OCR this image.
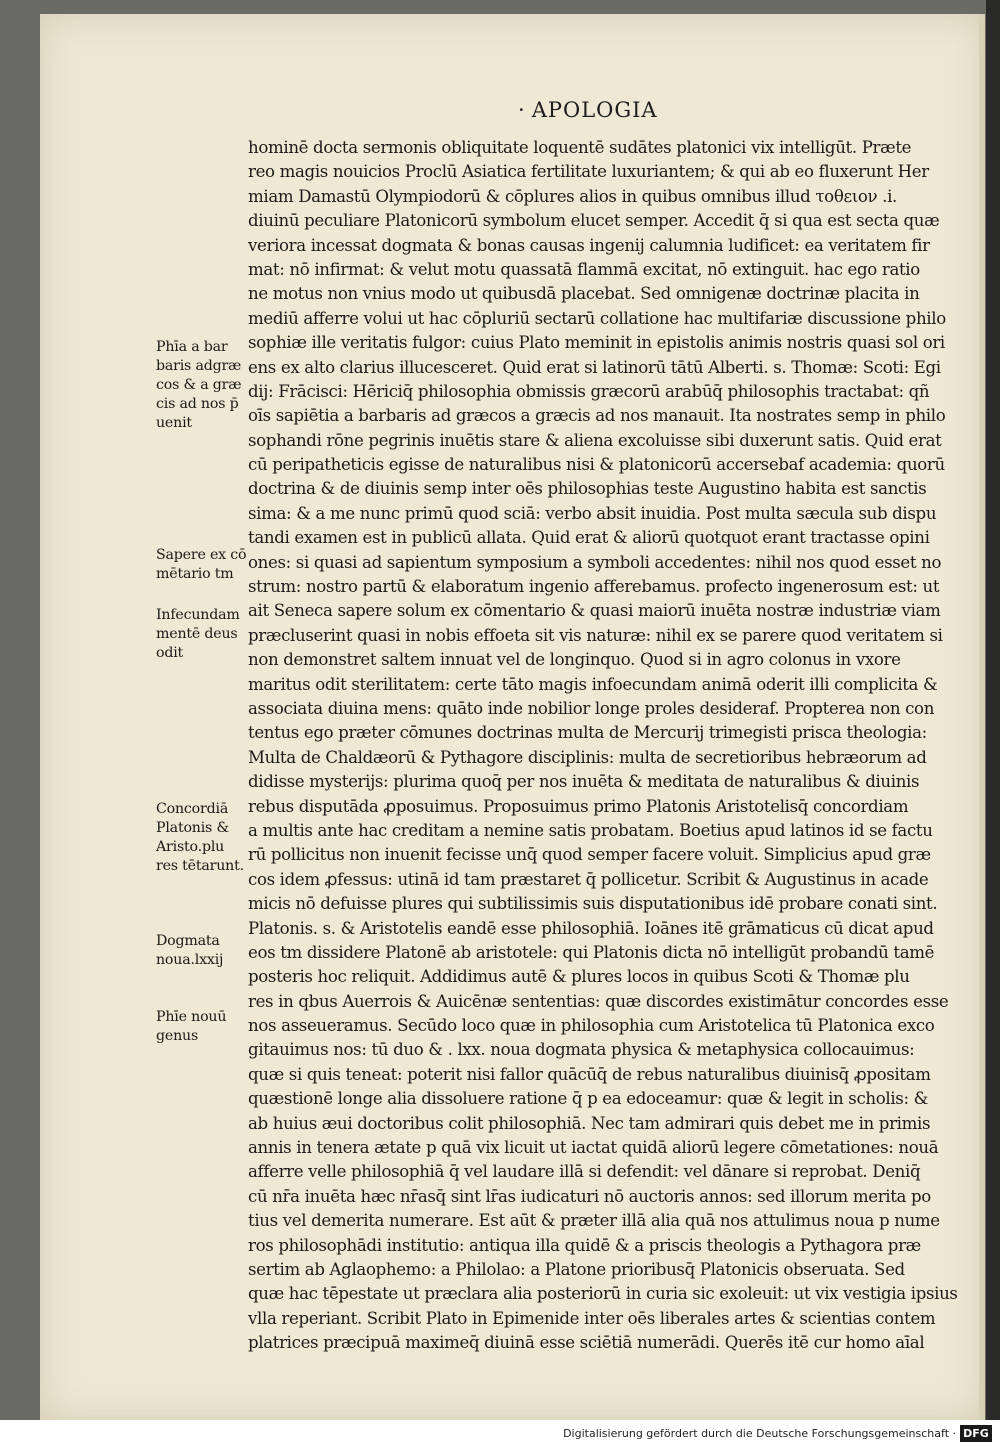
· APOLOGIA
hominē docta sermonis obliquitate loquentē sudātes platonici vix intelligūt. Præte
reo magis nouicios Proclū Asiatica fertilitate luxuriantem; & qui ab eo fluxerunt Her
miam Damastū Olympiodorū & cōplures alios in quibus omnibus illud τοθειον .i.
diuinū peculiare Platonicorū symbolum elucet semper. Accedit q̄ si qua est secta quæ
veriora incessat dogmata & bonas causas ingenij calumnia ludificet: ea veritatem fir
mat: nō infirmat: & velut motu quassatā flammā excitat, nō extinguit. hac ego ratio
ne motus non vnius modo ut quibusdā placebat. Sed omnigenæ doctrinæ placita in
mediū afferre volui ut hac cōpluriū sectarū collatione hac multifariæ discussione philo
sophiæ ille veritatis fulgor: cuius Plato meminit in epistolis animis nostris quasi sol ori
ens ex alto clarius illucesceret. Quid erat si latinorū tātū Alberti. s. Thomæ: Scoti: Egi
dij: Frācisci: Hēriciq̄ philosophia obmissis græcorū arabūq̄ philosophis tractabat: qñ
oīs sapiētia a barbaris ad græcos a græcis ad nos manauit. Ita nostrates semp in philo
sophandi rōne pegrinis inuētis stare & aliena excoluisse sibi duxerunt satis. Quid erat
cū peripatheticis egisse de naturalibus nisi & platonicorū accersebaf academia: quorū
doctrina & de diuinis semp inter oēs philosophias teste Augustino habita est sanctis
sima: & a me nunc primū quod sciā: verbo absit inuidia. Post multa sæcula sub dispu
tandi examen est in publicū allata. Quid erat & aliorū quotquot erant tractasse opini
ones: si quasi ad sapientum symposium a symboli accedentes: nihil nos quod esset no
strum: nostro partū & elaboratum ingenio afferebamus. profecto ingenerosum est: ut
ait Seneca sapere solum ex cōmentario & quasi maiorū inuēta nostræ industriæ viam
præcluserint quasi in nobis effoeta sit vis naturæ: nihil ex se parere quod veritatem si
non demonstret saltem innuat vel de longinquo. Quod si in agro colonus in vxore
maritus odit sterilitatem: certe tāto magis infoecundam animā oderit illi complicita &
associata diuina mens: quāto inde nobilior longe proles desideraf. Propterea non con
tentus ego præter cōmunes doctrinas multa de Mercurij trimegisti prisca theologia:
Multa de Chaldæorū & Pythagore disciplinis: multa de secretioribus hebræorum ad
didisse mysterijs: plurima quoq̄ per nos inuēta & meditata de naturalibus & diuinis
rebus disputāda ꝓposuimus. Proposuimus primo Platonis Aristotelisq̄ concordiam
a multis ante hac creditam a nemine satis probatam. Boetius apud latinos id se factu
rū pollicitus non inuenit fecisse unq̄ quod semper facere voluit. Simplicius apud græ
cos idem ꝓfessus: utinā id tam præstaret q̄ pollicetur. Scribit & Augustinus in acade
micis nō defuisse plures qui subtilissimis suis disputationibus idē probare conati sint.
Platonis. s. & Aristotelis eandē esse philosophiā. Ioānes itē grāmaticus cū dicat apud
eos tm dissidere Platonē ab aristotele: qui Platonis dicta nō intelligūt probandū tamē
posteris hoc reliquit. Addidimus autē & plures locos in quibus Scoti & Thomæ plu
res in qbus Auerrois & Auicēnæ sententias: quæ discordes existimātur concordes esse
nos asseueramus. Secūdo loco quæ in philosophia cum Aristotelica tū Platonica exco
gitauimus nos: tū duo & . lxx. noua dogmata physica & metaphysica collocauimus:
quæ si quis teneat: poterit nisi fallor quācūq̄ de rebus naturalibus diuinisq̄ ꝓpositam
quæstionē longe alia dissoluere ratione q̄ p ea edoceamur: quæ & legit in scholis: &
ab huius æui doctoribus colit philosophiā. Nec tam admirari quis debet me in primis
annis in tenera ætate p quā vix licuit ut iactat quidā aliorū legere cōmetationes: nouā
afferre velle philosophiā q̄ vel laudare illā si defendit: vel dānare si reprobat. Deniq̄
cū nr̄a inuēta hæc nr̄asq̄ sint lr̄as iudicaturi nō auctoris annos: sed illorum merita po
tius vel demerita numerare. Est aūt & præter illā alia quā nos attulimus noua p nume
ros philosophādi institutio: antiqua illa quidē & a priscis theologis a Pythagora præ
sertim ab Aglaophemo: a Philolao: a Platone prioribusq̄ Platonicis obseruata. Sed
quæ hac tēpestate ut præclara alia posteriorū in curia sic exoleuit: ut vix vestigia ipsius
vlla reperiant. Scribit Plato in Epimenide inter oēs liberales artes & scientias contem
platrices præcipuā maximeq̄ diuinā esse sciētiā numerādi. Querēs itē cur homo aīal
Phīa a bar
baris adgræ
cos & a græ
cis ad nos p̄
uenit
Sapere ex cō
mētario tm
Infecundam
mentē deus
odit
Concordiā
Platonis &
Aristo.plu
res tētarunt.
Dogmata
noua.lxxij
Phīe nouū
genus
Digitalisierung gefördert durch die Deutsche Forschungsgemeinschaft · DFG
